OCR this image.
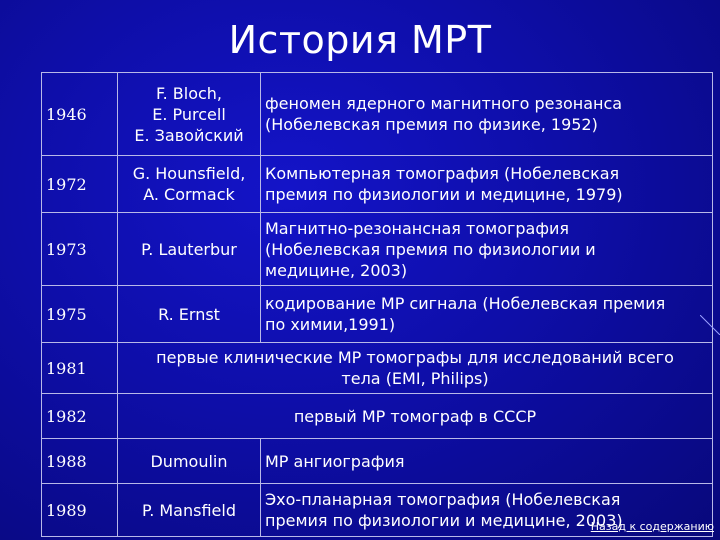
История МРТ
1946	F. Bloch,
E. Purcell
Е. Завойский	феномен ядерного магнитного резонанса
(Нобелевская премия по физике, 1952)

1972	G. Hounsfield,
A. Cormack	Компьютерная томография (Нобелевская
премия по физиологии и медицине, 1979)

1973	P. Lauterbur	Магнитно-резонансная томография
(Нобелевская премия по физиологии и
медицине, 2003)

1975	R. Ernst	кодирование МР сигнала (Нобелевская премия
по химии,1991)

1981	первые клинические МР томографы для исследований всего
тела (EMI, Philips)	

1982	первый МР томограф в СССР	

1988	Dumoulin	МР ангиография

1989	P. Mansfield	Эхо-планарная томография (Нобелевская
премия по физиологии и медицине, 2003)
Назад к содержанию
